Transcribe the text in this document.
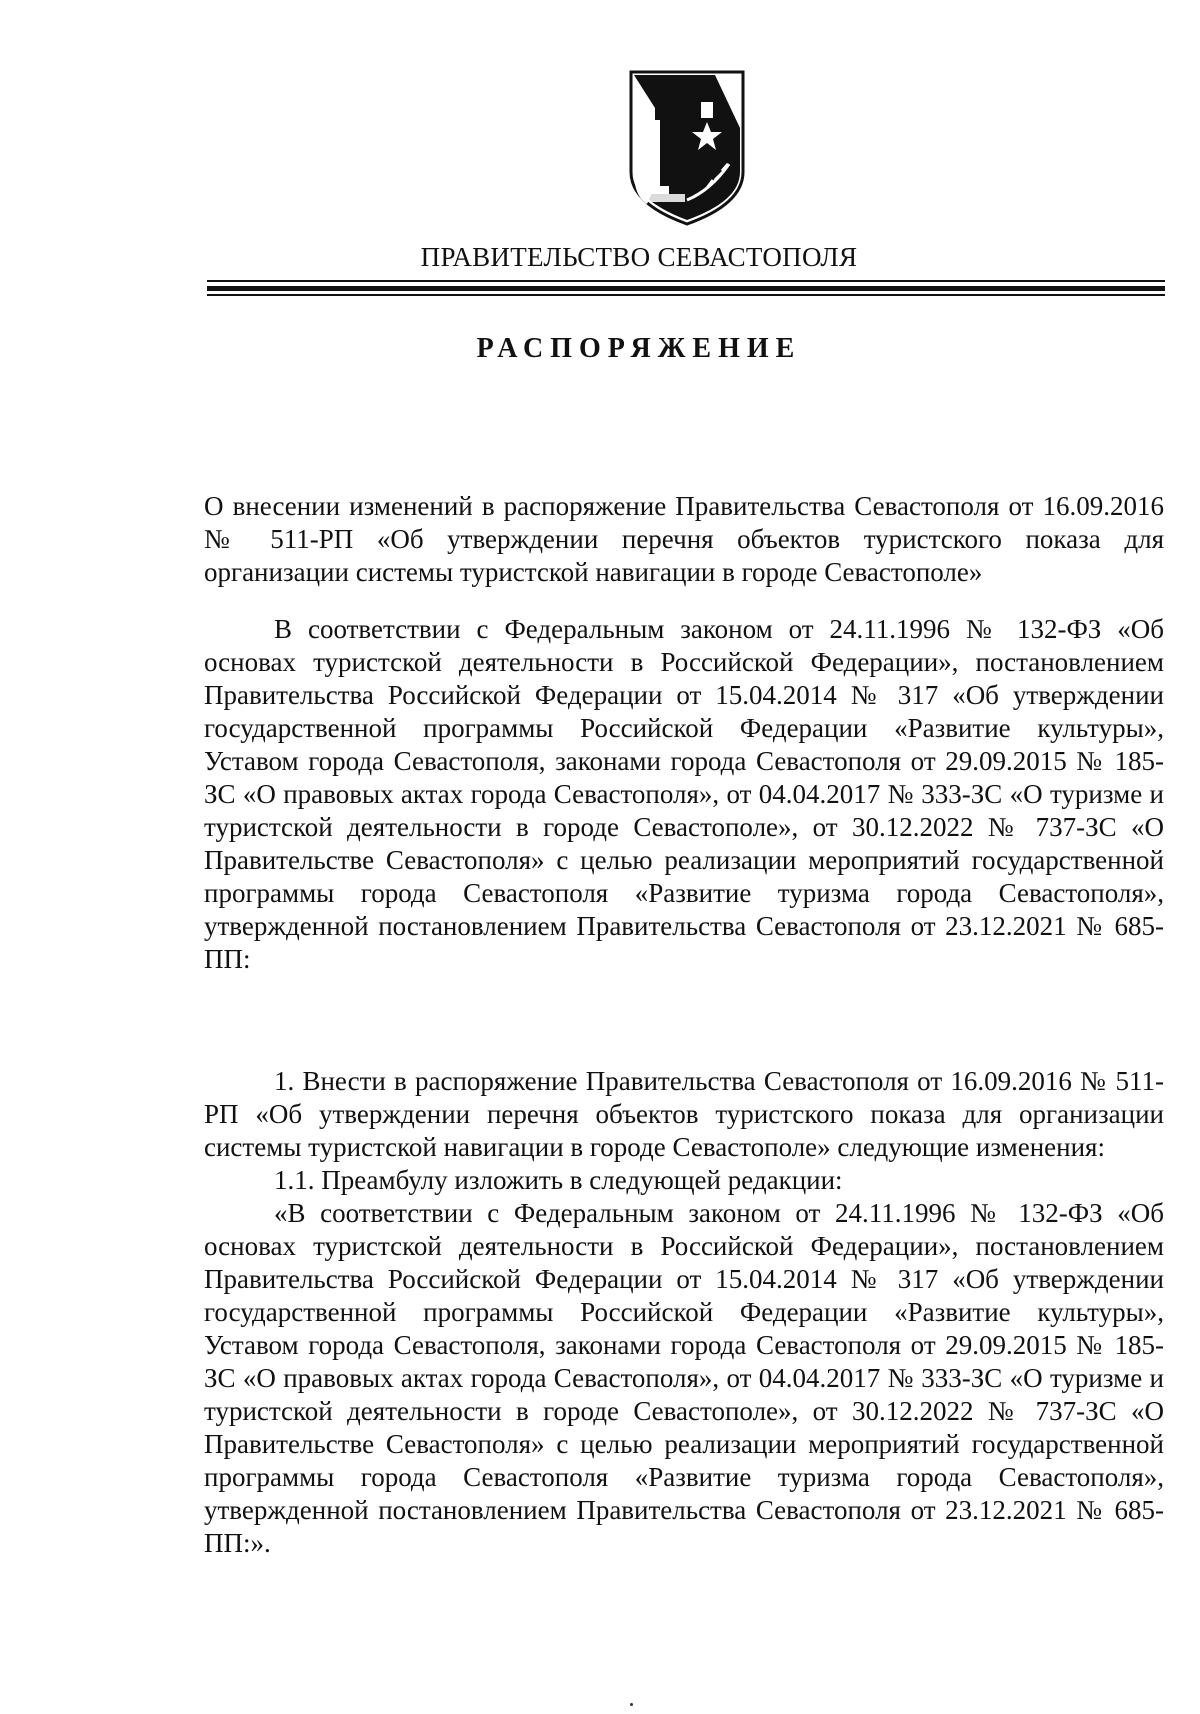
ПРАВИТЕЛЬСТВО СЕВАСТОПОЛЯ
РАСПОРЯЖЕНИЕ

О внесении изменений в распоряжение Правительства Севастополя от 16.09.2016 № 511-РП «Об утверждении перечня объектов туристского показа для организации системы туристской навигации в городе Севастополе»

В соответствии с Федеральным законом от 24.11.1996 № 132-ФЗ «Об основах туристской деятельности в Российской Федерации», постановлением Правительства Российской Федерации от 15.04.2014 № 317 «Об утверждении государственной программы Российской Федерации «Развитие культуры», Уставом города Севастополя, законами города Севастополя от 29.09.2015 № 185-ЗС «О правовых актах города Севастополя», от 04.04.2017 № 333-ЗС «О туризме и туристской деятельности в городе Севастополе», от 30.12.2022 № 737-ЗС «О Правительстве Севастополя» с целью реализации мероприятий государственной программы города Севастополя «Развитие туризма города Севастополя», утвержденной постановлением Правительства Севастополя от 23.12.2021 № 685-ПП:

1. Внести в распоряжение Правительства Севастополя от 16.09.2016 № 511-РП «Об утверждении перечня объектов туристского показа для организации системы туристской навигации в городе Севастополе» следующие изменения:

1.1. Преамбулу изложить в следующей редакции:

«В соответствии с Федеральным законом от 24.11.1996 № 132-ФЗ «Об основах туристской деятельности в Российской Федерации», постановлением Правительства Российской Федерации от 15.04.2014 № 317 «Об утверждении государственной программы Российской Федерации «Развитие культуры», Уставом города Севастополя, законами города Севастополя от 29.09.2015 № 185-ЗС «О правовых актах города Севастополя», от 04.04.2017 № 333-ЗС «О туризме и туристской деятельности в городе Севастополе», от 30.12.2022 № 737-ЗС «О Правительстве Севастополя» с целью реализации мероприятий государственной программы города Севастополя «Развитие туризма города Севастополя», утвержденной постановлением Правительства Севастополя от 23.12.2021 № 685-ПП:».
